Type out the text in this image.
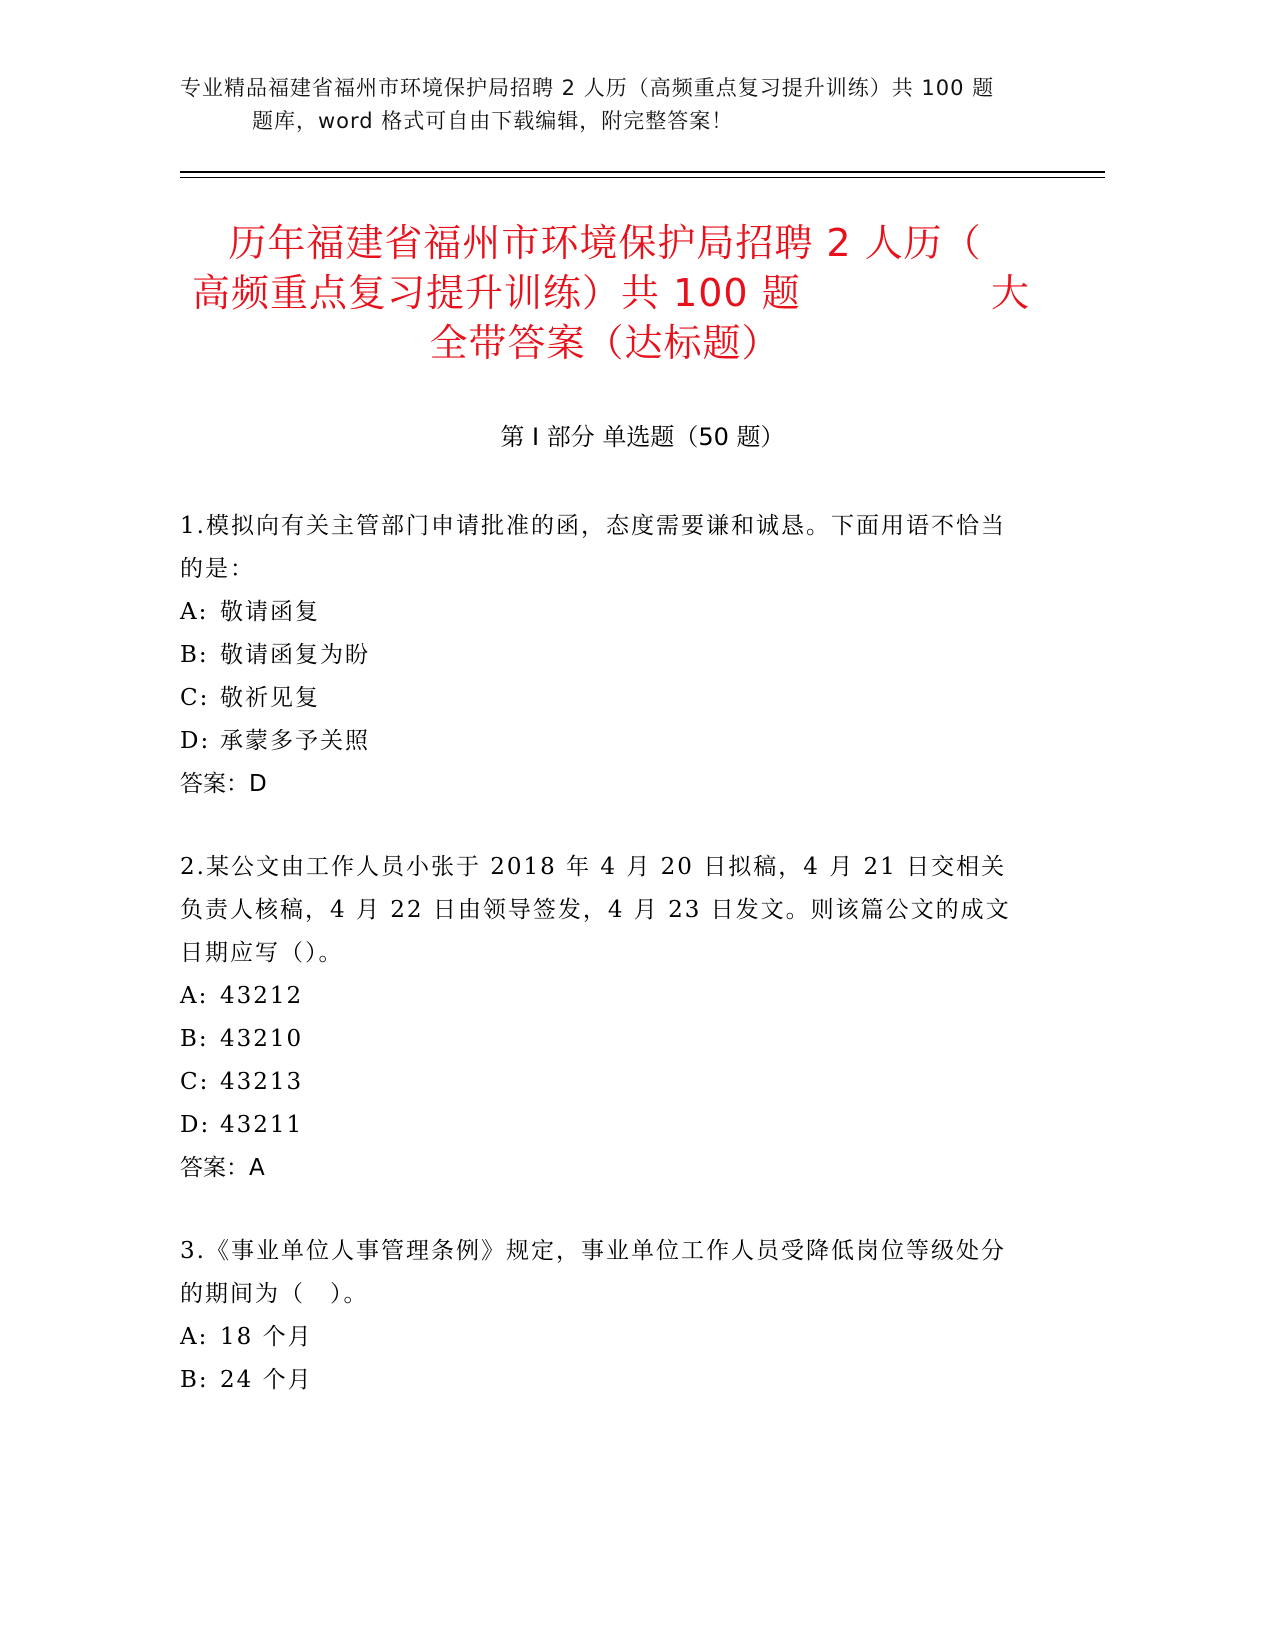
专业精品福建省福州市环境保护局招聘 2 人历（高频重点复习提升训练）共 100 题
题库，word 格式可自由下载编辑，附完整答案！
历年福建省福州市环境保护局招聘 2 人历（
高频重点复习提升训练）共 100 题	大
全带答案（达标题）
第 I 部分 单选题（50 题）

1.模拟向有关主管部门申请批准的函，态度需要谦和诚恳。下面用语不恰当的是：

A: 敬请函复
B: 敬请函复为盼
C: 敬祈见复
D: 承蒙多予关照
答案：D

2.某公文由工作人员小张于 2018 年 4 月 20 日拟稿，4 月 21 日交相关负责人核稿，4 月 22 日由领导签发，4 月 23 日发文。则该篇公文的成文日期应写（）。

A: 43212
B: 43210
C: 43213
D: 43211
答案：A

3.《事业单位人事管理条例》规定，事业单位工作人员受降低岗位等级处分的期间为（　）。

A: 18 个月
B: 24 个月
